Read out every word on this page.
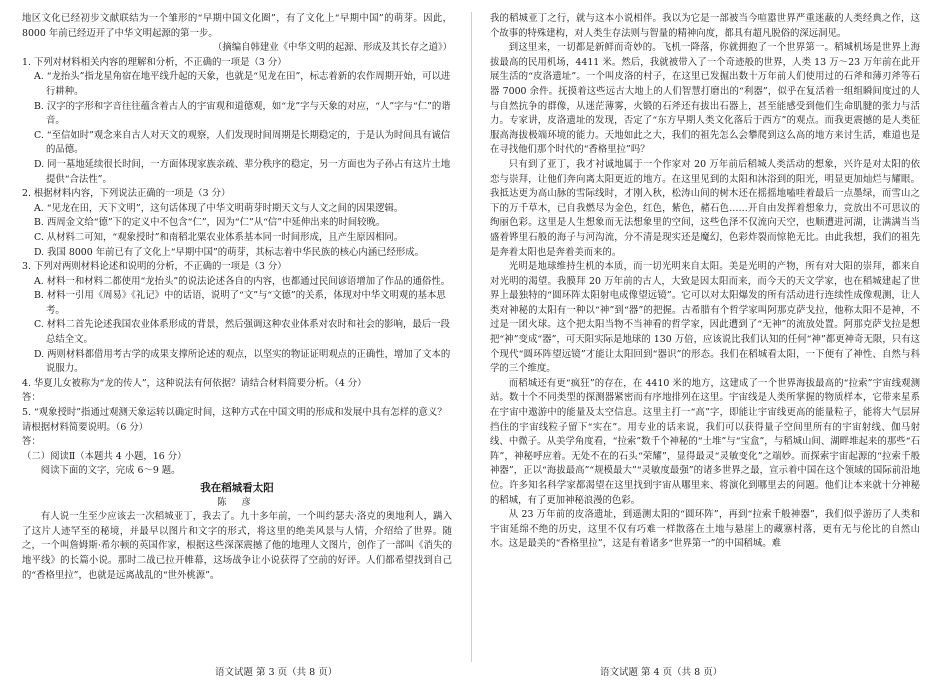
地区文化已经初步文献联结为一个雏形的“早期中国文化圈”，有了文化上“早期中国”的萌芽。因此，8000 年前已经迈开了中华文明起源的第一步。

（摘编自韩建业《中华文明的起源、形成及其长存之道》）

1. 下列对材料相关内容的理解和分析，不正确的一项是（3 分）

A. “龙抬头”指龙星角宿在地平线升起的天象，也就是“见龙在田”，标志着新的农作周期开始，可以进行耕种。

B. 汉字的字形和字音往往蕴含着古人的宇宙观和道德观，如“龙”字与天象的对应，“人”字与“仁”的谐音。

C. “至信如时”观念来自古人对天文的观察，人们发现时间周期是长期稳定的，于是认为时间具有诚信的品德。

D. 同一墓地延续很长时间，一方面体现家族亲疏、辈分秩序的稳定，另一方面也为子孙占有这片土地提供“合法性”。

2. 根据材料内容，下列说法正确的一项是（3 分）

A. “见龙在田，天下文明”，这句话体现了中华文明萌芽时期天文与人文之间的因果逻辑。

B. 西周金文给“德”下的定义中不包含“仁”，因为“仁”从“信”中延伸出来的时间较晚。

C. 从材料二可知，“观象授时”和南稻北粟农业体系基本同一时间形成，且产生原因相同。

D. 我国 8000 年前已有了文化上“早期中国”的萌芽，其标志着中华民族的核心内涵已经形成。

3. 下列对两则材料论述和说明的分析，不正确的一项是（3 分）

A. 材料一和材料二都使用“龙抬头”的说法论述各自的内容，也都通过民间谚语增加了作品的通俗性。

B. 材料一引用《周易》《礼记》中的话语，说明了“文”与“文德”的关系，体现对中华文明观的基本思考。

C. 材料二首先论述我国农业体系形成的背景，然后强调这种农业体系对农时和社会的影响，最后一段总结全文。

D. 两则材料都借用考古学的成果支撑所论述的观点，以坚实的物证证明观点的正确性，增加了文本的说服力。

4. 华夏儿女被称为“龙的传人”，这种说法有何依据？请结合材料简要分析。（4 分）

答：

5. “观象授时”指通过观测天象运转以确定时间，这种方式在中国文明的形成和发展中具有怎样的意义？请根据材料简要说明。（6 分）

答：

（二）阅读Ⅱ（本题共 4 小题，16 分）

阅读下面的文字，完成 6～9 题。

我在稻城看太阳

陈 彦

有人说一生至少应该去一次稻城亚丁，我去了。九十多年前，一个叫约瑟夫·洛克的奥地利人，蹒入了这片人迹罕至的秘境，并最早以图片和文字的形式，将这里的绝美风景与人情，介绍给了世界。随之，一个叫詹姆斯·希尔顿的英国作家，根据这些深深震撼了他的地理人文图片，创作了一部叫《消失的地平线》的长篇小说。那时二战已拉开帷幕，这场战争让小说获得了空前的好评。人们都希望找到自己的“香格里拉”，也就是远离战乱的“世外桃源”。

我的稻城亚丁之行，就与这本小说相伴。我以为它是一部被当今喧嚣世界严重迷蔽的人类经典之作，这个故事的特殊建构，对人类生存法则与智量的精神向度，都具有超凡脱俗的深远洞见。

到这里来，一切都是新鲜而奇妙的。飞机一降落，你就拥抱了一个世界第一。稻城机场是世界上海拔最高的民用机场，4411 米。然后，我就被带入了一个奇迹般的世界，人类 13 万～23 万年前在此开展生活的“皮洛遗址”。一个叫皮洛的村子，在这里已发掘出数十万年前人们使用过的石斧和薄刃斧等石器 7000 余件。抚摸着这些远古大地上的人们智慧打磨出的“利器”，似乎在复活着一组组瞬间度过的人与自然抗争的群像，从迷茫薄雾，火锻的石斧还有拔出石器上，甚至能感受到他们生命肌腱的张力与活力。专家讲，皮洛遗址的发现，否定了“东方早期人类文化落后于西方”的观点。而我更震撼的是人类征服高海拔极端环境的能力。天地如此之大，我们的祖先怎么会攀爬到这么高的地方来讨生活，难道也是在寻找他们那个时代的“香格里拉”吗？

只有到了亚丁，我才衬诚地属于一个作家对 20 万年前后稻城人类活动的想象，兴许是对太阳的依恋与崇拜，让他们奔向离太阳更近的地方。在这里见到的太阳和沐浴到的阳光，明显更加灿烂与耀眼。我抵达更为高山脉的雪际线时，才刚入秋，松涛山间的树木还在摇摇地嗑哇着最后一点墨绿，而雪山之下的万千草木，已自我燃尽为金色，红色，紫色，赭石色……开自由发挥着想象力，竞放出不可思议的绚丽色彩。这里是人生想象而无法想象里的空间，这些色泽不仅流向天空，也顺遭进河湖，让满满当当盛着铧里石般的海子与河沟流，分不清是现实还是魔幻，色彩炸裂而惊艳无比。由此我想，我们的祖先是奔着太阳也是奔着美而来的。

光明是地球维持生机的本质，而一切光明来自太阳。美是光明的产物，所有对大阳的崇拜，都来自对光明的渴望。我膜拜 20 万年前的古人，大致是因太阳而来，而今天的天文学家，也在稻城建起了世界上最独特的“圆环阵太阳射电成像望远镜”。它可以对太阳爆发的所有活动进行连续性成像观测，让人类对神秘的太阳有一种以“神”到“器”的把握。古希腊有个哲学家叫阿那克萨戈拉，他称太阳不是神，不过是一团火球。这个把太阳当物不当神看的哲学家，因此遭到了“无神”的流放处置。阿那克萨戈拉是想把“神”变成“器”，可天阳实际是地球的 130 万倍，应该说比我们认知的任何“神”都更神奇无限，只有这个现代“圆环阵望远镜”才能让太阳回到“器识”的形态。我们在稻城看太阳，一下便有了神性、自然与科学的三个维度。

而稻城还有更“疯狂”的存在，在 4410 米的地方，这建成了一个世界海拔最高的“拉索”宇宙线观测站。数十个不同类型的探测器紧密而有序地排列在这里。宇宙线是人类所掌握的物质样本，它带来星系在宇宙中遨游中的能量及太空信息。这里主打一“高”字，即能让宇宙线更高的能量粒子，能将大气层屏挡住的宇宙线粒子留下“实在”。用专业的话来说，我们可以获得量子空间里所有的宇宙射线、伽马射线、中微子。从美学角度看，“拉索”数千个神秘的“土堆”与“宝盒”，与稻城山间、湖畔堆起来的那些“石阵”，神秘呼应着。无处不在的石头“荣耀”，显得最灵“灵敏变化”之端妙。而探索宇宙起源的“拉索千般神器”，正以“海拔最高”“规模最大”“灵敏度最强”的诸多世界之最，宣示着中国在这个领域的国际前沿地位。许多知名科学家都渴望在这里找到宇宙从哪里来、将演化到哪里去的问题。他们让本来就十分神秘的稻城，有了更加神秘浪漫的色彩。

从 23 万年前的皮洛遗址，到遥测太阳的“圆环阵”，再到“拉索千般神器”，我们似乎游历了人类和宇宙延绵不绝的历史，这里不仅有巧难一样散落在土地与悬崖上的藏寨村落，更有无与伦比的自然山水。这是最美的“香格里拉”，这是有着诸多“世界第一”的中国稻城。难

语文试题 第 3 页（共 8 页）	语文试题 第 4 页（共 8 页）
